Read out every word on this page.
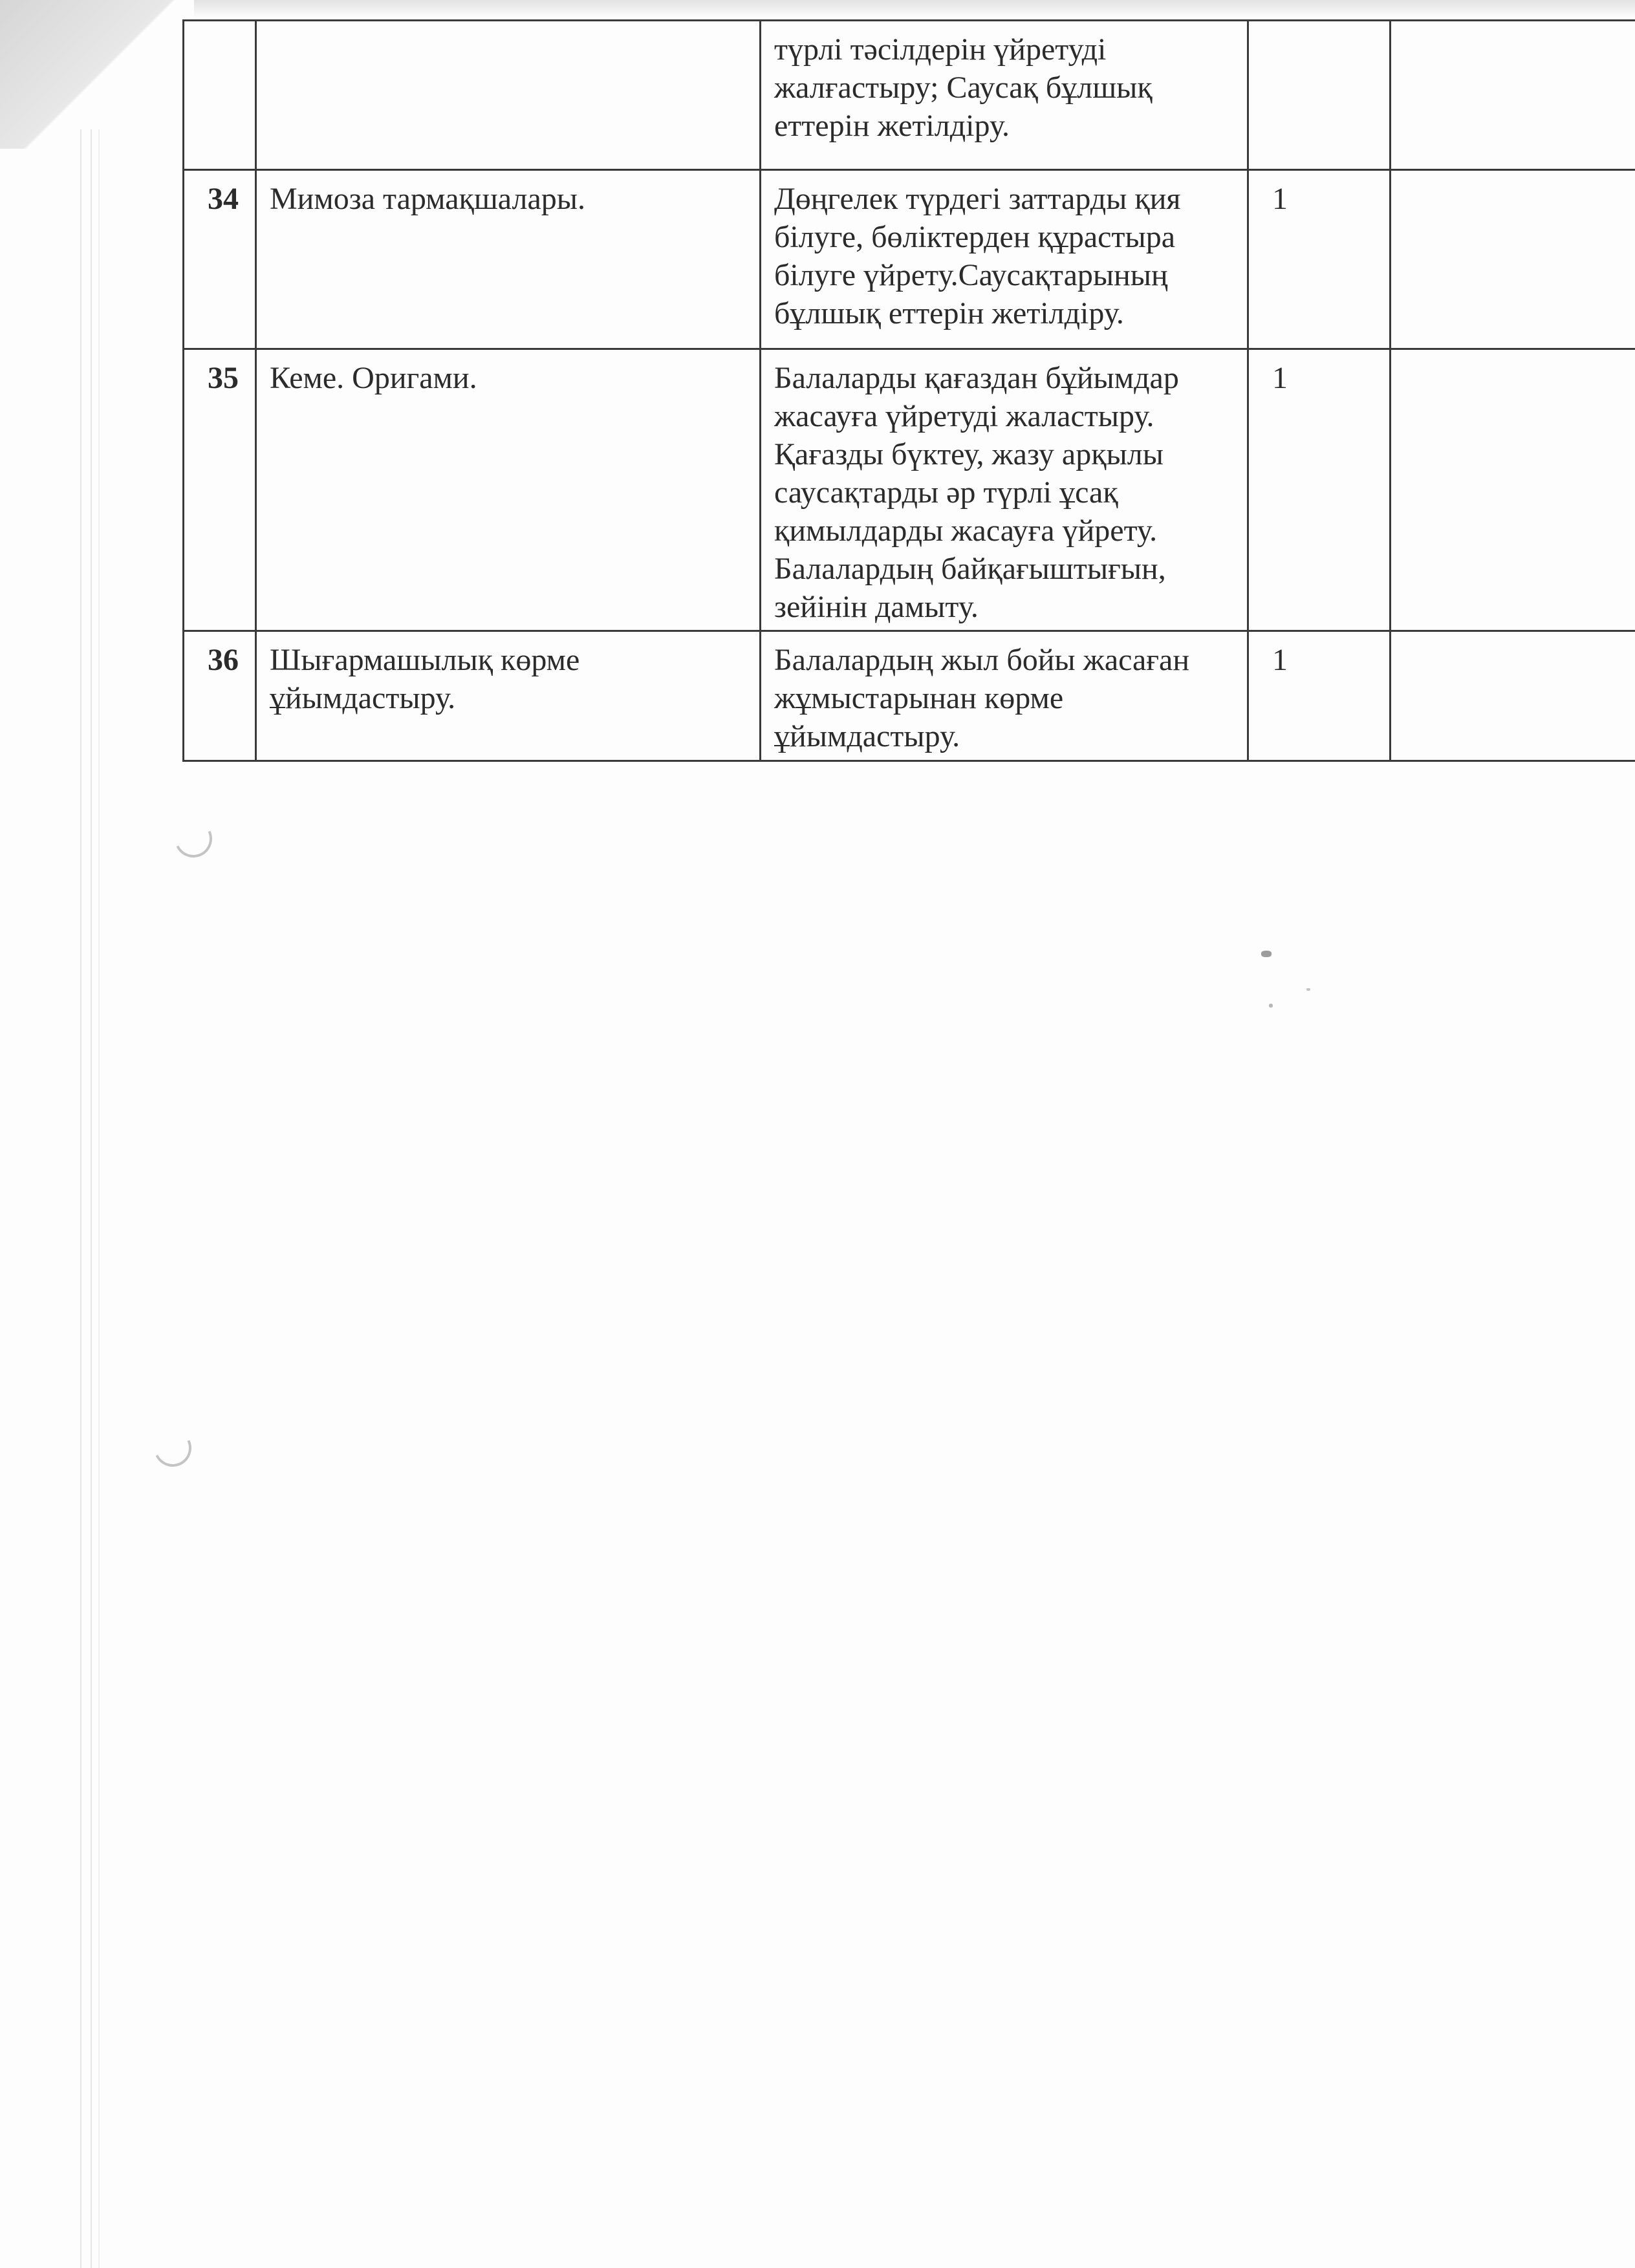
		түрлі тәсілдерін үйретуді жалғастыру; Саусақ бұлшық еттерін жетілдіру.		
34	Мимоза тармақшалары.	Дөңгелек түрдегі заттарды қия білуге, бөліктерден құрастыра білуге үйрету.Саусақтарының бұлшық еттерін жетілдіру.	1	
35	Кеме. Оригами.	Балаларды қағаздан бұйымдар жасауға үйретуді жаластыру. Қағазды бүктеу, жазу арқылы саусақтарды әр түрлі ұсақ қимылдарды жасауға үйрету. Балалардың байқағыштығын, зейінін дамыту.	1	
36	Шығармашылық көрме ұйымдастыру.	Балалардың жыл бойы жасаған жұмыстарынан көрме ұйымдастыру.	1	
